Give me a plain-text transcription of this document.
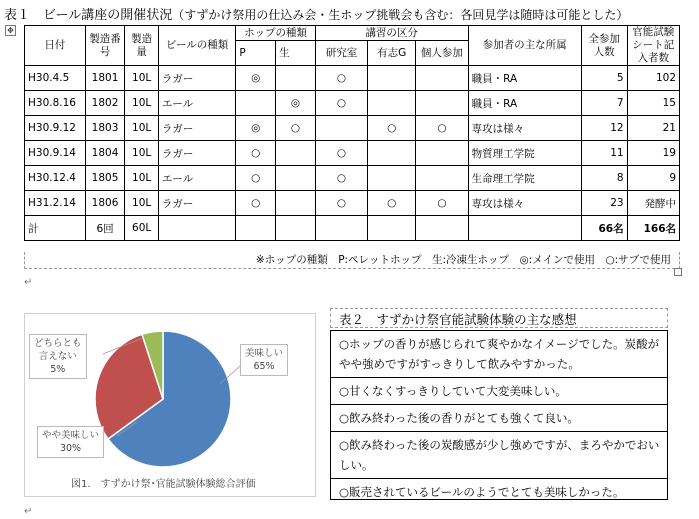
✥
表１　ビール講座の開催状況（すずかけ祭用の仕込み会・生ホップ挑戦会も含む：各回見学は随時は可能とした）
日付	製造番号	製造量	ビールの種類	ホップの種類		講習の区分			参加者の主な所属	全参加人数	官能試験シート記入者数
				P	生	研究室	有志G	個人参加			
H30.4.5	1801	10L	ラガー	◎		○			職員・RA	5	102
H30.8.16	1802	10L	エール		◎	○			職員・RA	7	15
H30.9.12	1803	10L	ラガー	◎	○		○	○	専攻は様々	12	21
H30.9.14	1804	10L	ラガー	○		○			物質理工学院	11	19
H30.12.4	1805	10L	エール	○		○			生命理工学院	8	9
H31.2.14	1806	10L	ラガー	○		○	○	○	専攻は様々	23	発酵中
計	6回	60L								66名	166名
※ホップの種類　P:ペレットホップ　生:冷凍生ホップ　◎:メインで使用　○:サブで使用
美味しい
65%
やや美味しい
30%
どちらとも
言えない
5%
図1.　すずかけ祭･官能試験体験総合評価
表２　すずかけ祭官能試験体験の主な感想
○ホップの香りが感じられて爽やかなイメージでした。炭酸がやや強めですがすっきりして飲みやすかった。
○甘くなくすっきりしていて大変美味しい。
○飲み終わった後の香りがとても強くて良い。
○飲み終わった後の炭酸感が少し強めですが、まろやかでおいしい。
○販売されているビールのようでとても美味しかった。
↵
↵
